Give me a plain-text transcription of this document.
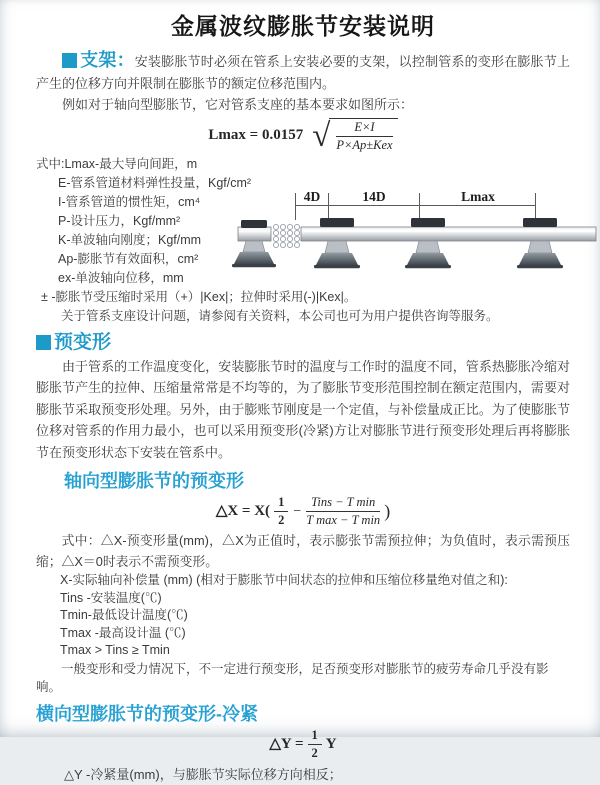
金属波纹膨胀节安装说明

支架：安装膨胀节时必须在管系上安装必要的支架，以控制管系的变形在膨胀节上产生的位移方向并限制在膨胀节的额定位移范围内。

例如对于轴向型膨胀节，它对管系支座的基本要求如图所示：

Lmax = 0.0157 √ $\frac{E\times I}{\text{P×Ap±Kex}}$

式中:Lmax-最大导向间距，m

E-管系管道材料弹性投量，Kgf/cm²

I-管系管道的惯性矩，cm⁴

P-设计压力，Kgf/mm²

K-单波轴向刚度；Kgf/mm

Ap-膨胀节有效面积，cm²

ex-单波轴向位移，mm

± -膨胀节受压缩时采用（+）|Kex|；拉伸时采用(-)|Kex|。

关于管系支座设计问题，请参阅有关资料，本公司也可为用户提供咨询等服务。

预变形

由于管系的工作温度变化，安装膨胀节时的温度与工作时的温度不同，管系热膨胀冷缩对膨胀节产生的拉伸、压缩量常常是不均等的，为了膨胀节变形范围控制在额定范围内，需要对膨胀节采取预变形处理。另外，由于膨账节刚度是一个定值，与补偿量成正比。为了使膨胀节位移对管系的作用力最小，也可以采用预变形(冷紧)方让对膨胀节进行预变形处理后再将膨胀节在预变形状态下安装在管系中。

轴向型膨胀节的预变形
△X = $X( \frac{1}{2} - \frac{\text{Tins − T min}}{\text{T max − T min}}$ )

式中：△X-预变形量(mm)，△X为正值时，表示膨张节需预拉伸；为负值时，表示需预压缩；△X＝0时表示不需预变形。

X-实际轴向补偿量 (mm) (相对于膨胀节中间状态的拉伸和压缩位移量绝对值之和):

Tins -安装温度(℃)

Tmin-最低设计温度(℃)

Tmax -最高设计温 (℃)

Tmax > Tins ≥ Tmin

一般变形和受力情况下，不一定进行预变形，足否预变形对膨胀节的疲劳寿命几乎没有影响。

横向型膨胀节的预变形-冷紧
△Y = $\frac{1}{2}$ Y

△Y -冷紧量(mm)，与膨胀节实际位移方向相反；

4D	14D	Lmax
